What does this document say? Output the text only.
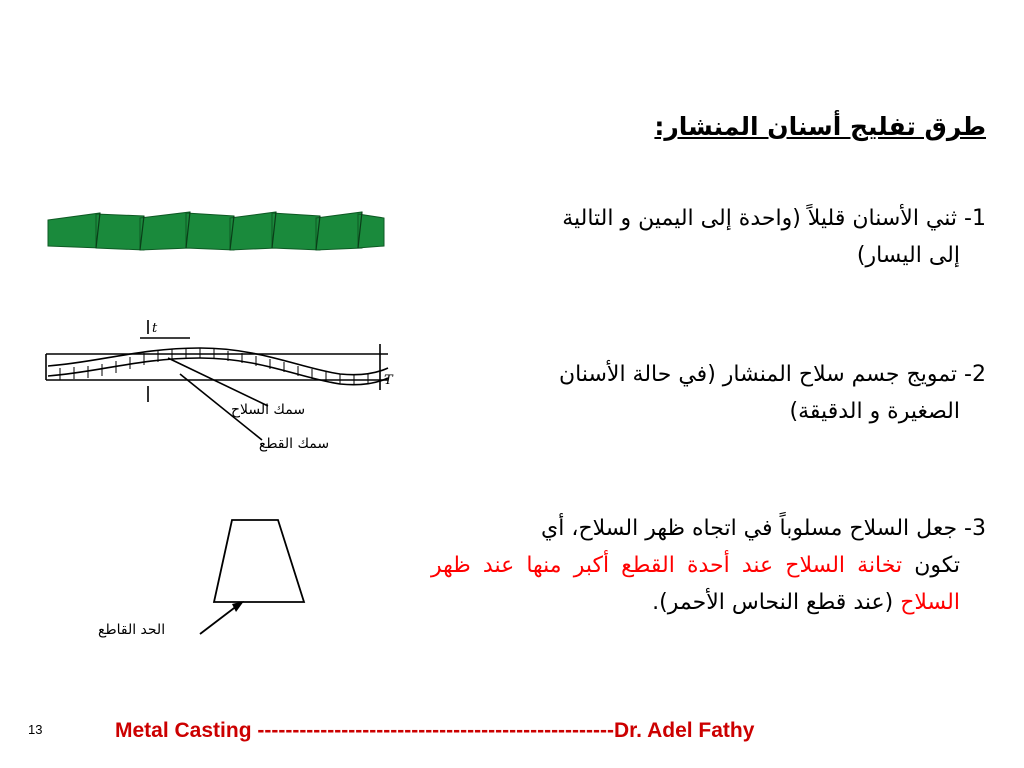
طرق تفليج أسنان المنشار:
1- ثني الأسنان قليلاً (واحدة إلى اليمين و التالية
إلى اليسار)
2- تمويج جسم سلاح المنشار (في حالة الأسنان
الصغيرة و الدقيقة)
3- جعل السلاح مسلوباً في اتجاه ظهر السلاح، أي
تكون تخانة السلاح عند أحدة القطع أكبر منها عند ظهر السلاح (عند قطع النحاس الأحمر).
t
T
سمك السلاح
سمك القطع
الحد القاطع
13	Metal Casting ---------------------------------------------------Dr. Adel Fathy
